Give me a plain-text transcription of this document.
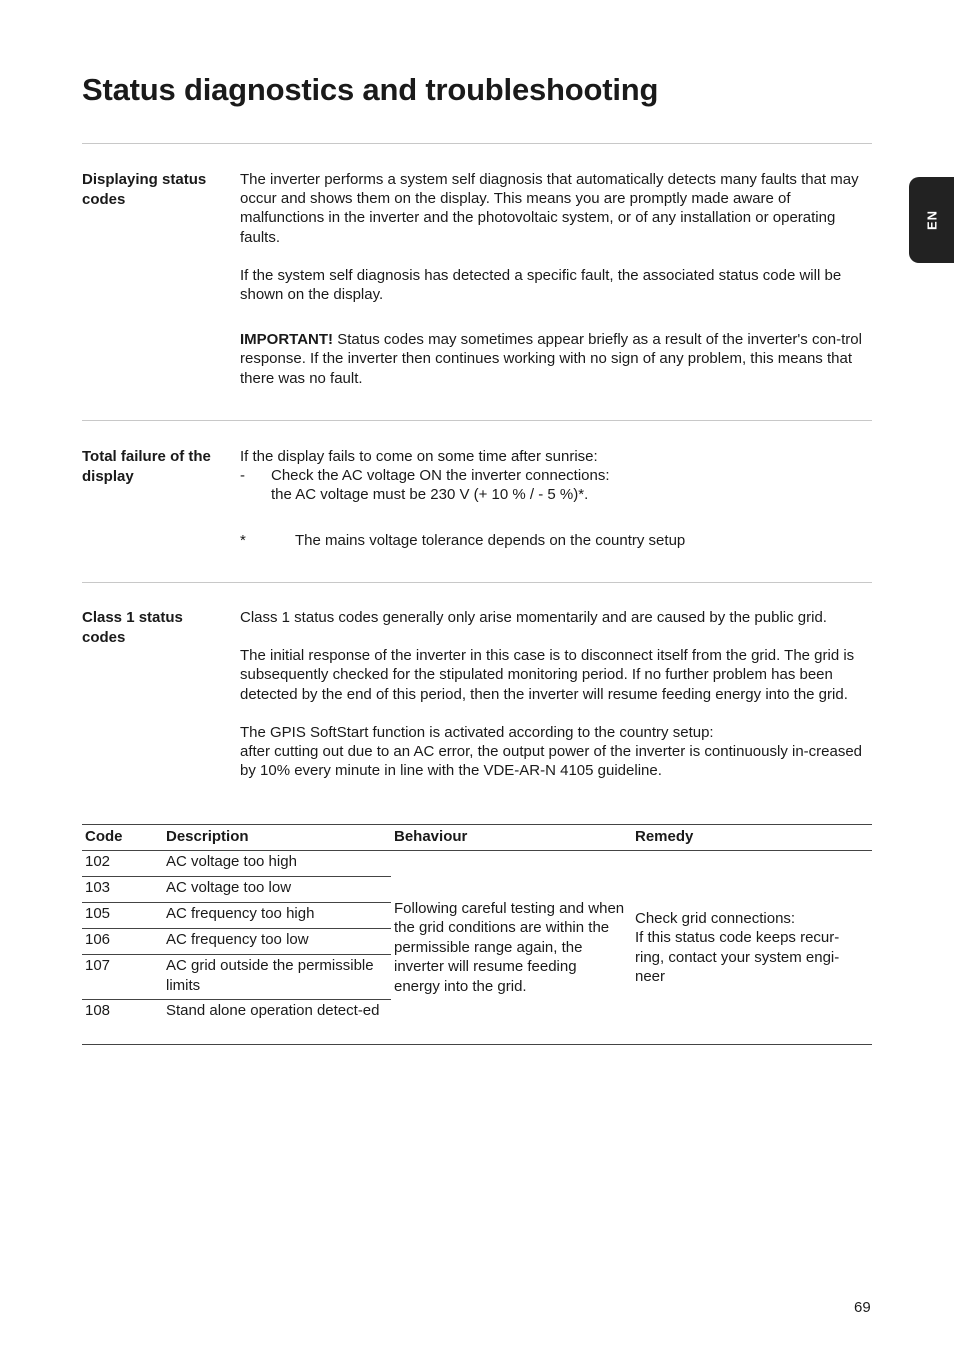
Status diagnostics and troubleshooting
EN
Displaying status codes

The inverter performs a system self diagnosis that automatically detects many faults that may occur and shows them on the display. This means you are promptly made aware of malfunctions in the inverter and the photovoltaic system, or of any installation or operating faults.

If the system self diagnosis has detected a specific fault, the associated status code will be shown on the display.

IMPORTANT! Status codes may sometimes appear briefly as a result of the inverter's con-trol response. If the inverter then continues working with no sign of any problem, this means that there was no fault.

Total failure of the display

If the display fails to come on some time after sunrise:

- Check the AC voltage ON the inverter connections:
the AC voltage must be 230 V (+ 10 % / - 5 %)*.
*	The mains voltage tolerance depends on the country setup
Class 1 status codes

Class 1 status codes generally only arise momentarily and are caused by the public grid.

The initial response of the inverter in this case is to disconnect itself from the grid. The grid is subsequently checked for the stipulated monitoring period. If no further problem has been detected by the end of this period, then the inverter will resume feeding energy into the grid.

The GPIS SoftStart function is activated according to the country setup:

after cutting out due to an AC error, the output power of the inverter is continuously in-creased by 10% every minute in line with the VDE-AR-N 4105 guideline.

Code	Description	Behaviour	Remedy
102	AC voltage too high	Following careful testing and when the grid conditions are within the permissible range again, the inverter will resume feeding energy into the grid.	Check grid connections:
If this status code keeps recur-ring, contact your system engi-neer

103	AC voltage too low		
105	AC frequency too high		
106	AC frequency too low		
107	AC grid outside the permissible limits		
108	Stand alone operation detect-ed		
69
